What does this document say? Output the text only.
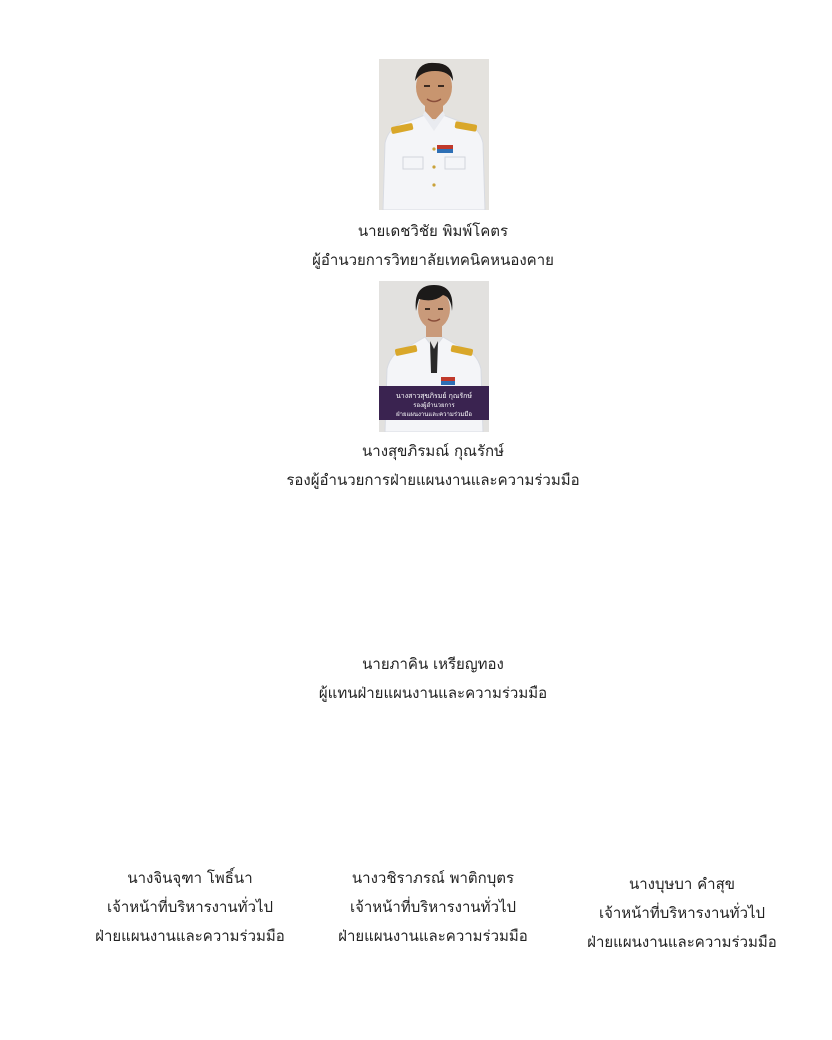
นายเดชวิชัย พิมพ์โคตร
ผู้อำนวยการวิทยาลัยเทคนิคหนองคาย
นางสาวสุขภิรมย์ กุณรักษ์
รองผู้อำนวยการ
ฝ่ายแผนงานและความร่วมมือ
นางสุขภิรมณ์ กุณรักษ์
รองผู้อำนวยการฝ่ายแผนงานและความร่วมมือ
นายภาคิน เหรียญทอง
ผู้แทนฝ่ายแผนงานและความร่วมมือ
นางจินจุฑา โพธิ์นา
เจ้าหน้าที่บริหารงานทั่วไป
ฝ่ายแผนงานและความร่วมมือ
นางวชิราภรณ์ พาติกบุตร
เจ้าหน้าที่บริหารงานทั่วไป
ฝ่ายแผนงานและความร่วมมือ
นางบุษบา คำสุข
เจ้าหน้าที่บริหารงานทั่วไป
ฝ่ายแผนงานและความร่วมมือ
